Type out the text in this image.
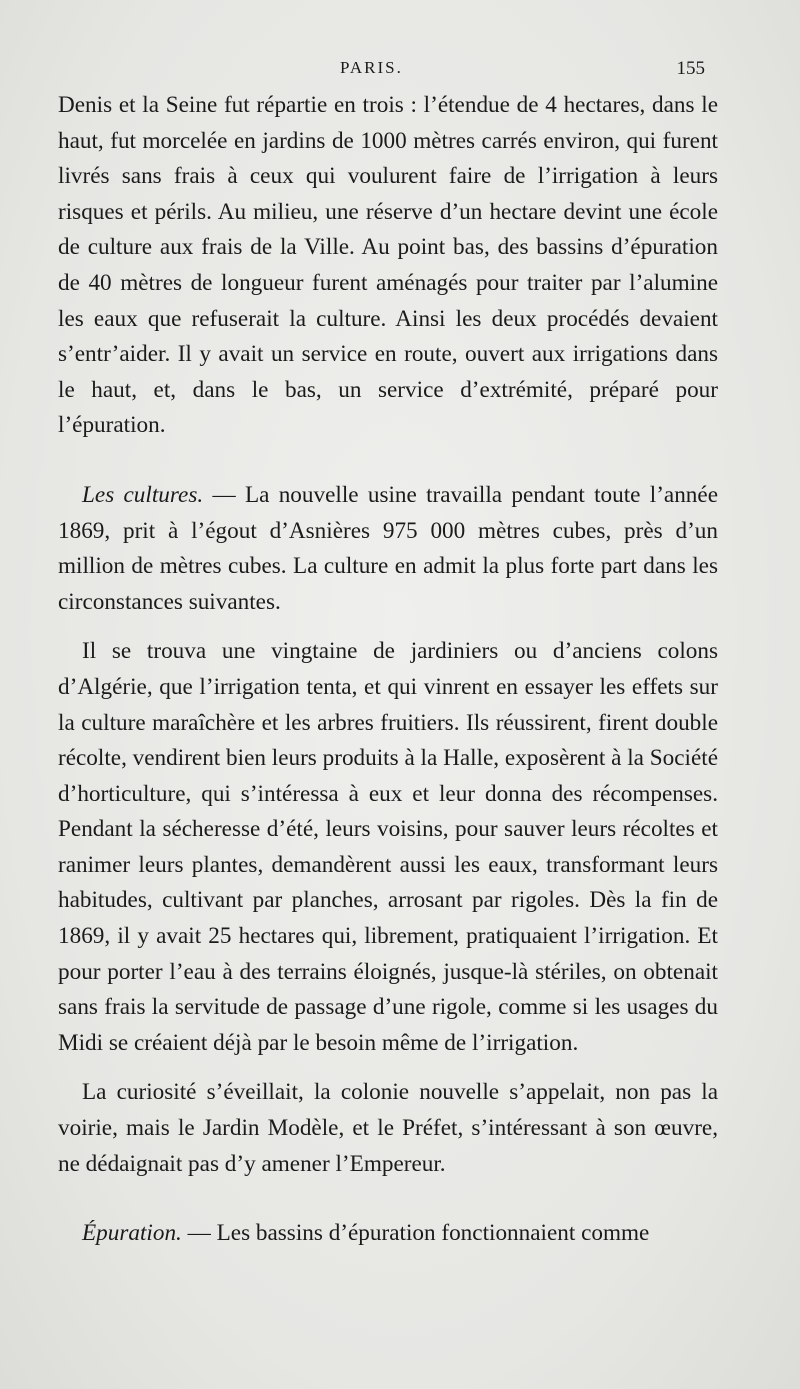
PARIS.	155

Denis et la Seine fut répartie en trois : l’étendue de 4 hectares, dans le haut, fut morcelée en jardins de 1000 mètres carrés environ, qui furent livrés sans frais à ceux qui voulurent faire de l’irrigation à leurs risques et périls. Au milieu, une réserve d’un hectare devint une école de culture aux frais de la Ville. Au point bas, des bassins d’épuration de 40 mètres de longueur furent aménagés pour traiter par l’alumine les eaux que refuserait la culture. Ainsi les deux procédés devaient s’entr’aider. Il y avait un service en route, ouvert aux irrigations dans le haut, et, dans le bas, un service d’extrémité, préparé pour l’épuration.

Les cultures. — La nouvelle usine travailla pendant toute l’année 1869, prit à l’égout d’Asnières 975 000 mètres cubes, près d’un million de mètres cubes. La culture en admit la plus forte part dans les circonstances suivantes.

Il se trouva une vingtaine de jardiniers ou d’anciens colons d’Algérie, que l’irrigation tenta, et qui vinrent en essayer les effets sur la culture maraîchère et les arbres fruitiers. Ils réussirent, firent double récolte, vendirent bien leurs produits à la Halle, exposèrent à la Société d’horticulture, qui s’intéressa à eux et leur donna des récompenses. Pendant la sécheresse d’été, leurs voisins, pour sauver leurs récoltes et ranimer leurs plantes, demandèrent aussi les eaux, transformant leurs habitudes, cultivant par planches, arrosant par rigoles. Dès la fin de 1869, il y avait 25 hectares qui, librement, pratiquaient l’irrigation. Et pour porter l’eau à des terrains éloignés, jusque-là stériles, on obtenait sans frais la servitude de passage d’une rigole, comme si les usages du Midi se créaient déjà par le besoin même de l’irrigation.

La curiosité s’éveillait, la colonie nouvelle s’appelait, non pas la voirie, mais le Jardin Modèle, et le Préfet, s’intéressant à son œuvre, ne dédaignait pas d’y amener l’Empereur.

Épuration. — Les bassins d’épuration fonctionnaient comme
